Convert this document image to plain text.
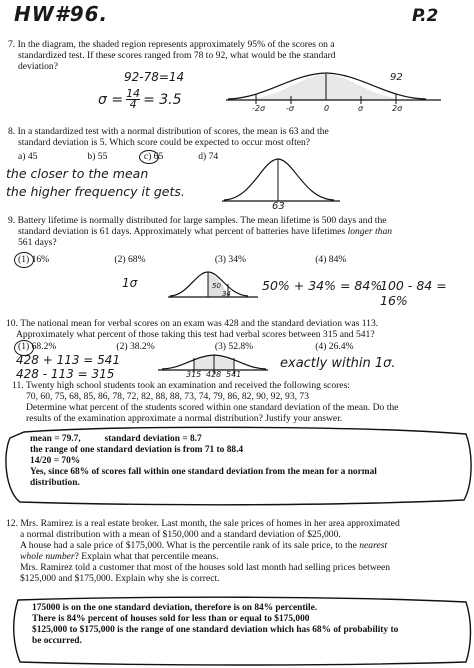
HW#96.	P.2

7. In the diagram, the shaded region represents approximately 95% of the scores on a

standardized test. If these scores ranged from 78 to 92, what would be the standard

deviation?

92-78=14
σ = 14
4 = 3.5
92
-2σ	-σ	0	σ	2σ

8. In a standardized test with a normal distribution of scores, the mean is 63 and the

standard deviation is 5. Which score could be expected to occur most often?

a) 45	b) 55	c) 65	d) 74
the closer to the mean
the higher frequency it gets.
63

9. Battery lifetime is normally distributed for large samples. The mean lifetime is 500 days and the

standard deviation is 61 days. Approximately what percent of batteries have lifetimes longer than

561 days?

(1) 16%	(2) 68%	(3) 34%	(4) 84%
1σ	50
34
50% + 34% = 84%
100 - 84 = 16%

10. The national mean for verbal scores on an exam was 428 and the standard deviation was 113.

Approximately what percent of those taking this test had verbal scores between 315 and 541?

(1) 68.2%	(2) 38.2%	(3) 52.8%	(4) 26.4%
428 + 113 = 541
428 - 113 = 315	315 428 541
exactly within 1σ.

11. Twenty high school students took an examination and received the following scores:

70, 60, 75, 68, 85, 86, 78, 72, 82, 88, 88, 73, 74, 79, 86, 82, 90, 92, 93, 73

Determine what percent of the students scored within one standard deviation of the mean. Do the

results of the examination approximate a normal distribution? Justify your answer.

mean = 79.7,	standard deviation = 8.7
the range of one standard deviation is from 71 to 88.4
14/20 = 70%
Yes, since 68% of scores fall within one standard deviation from the mean for a normal
distribution.

12. Mrs. Ramirez is a real estate broker. Last month, the sale prices of homes in her area approximated

a normal distribution with a mean of $150,000 and a standard deviation of $25,000.

A house had a sale price of $175,000. What is the percentile rank of its sale price, to the nearest

whole number? Explain what that percentile means.

Mrs. Ramirez told a customer that most of the houses sold last month had selling prices between

$125,000 and $175,000. Explain why she is correct.

175000 is on the one standard deviation, therefore is on 84% percentile.
There is 84% percent of houses sold for less than or equal to $175,000
$125,000 to $175,000 is the range of one standard deviation which has 68% of probability to
be occurred.
